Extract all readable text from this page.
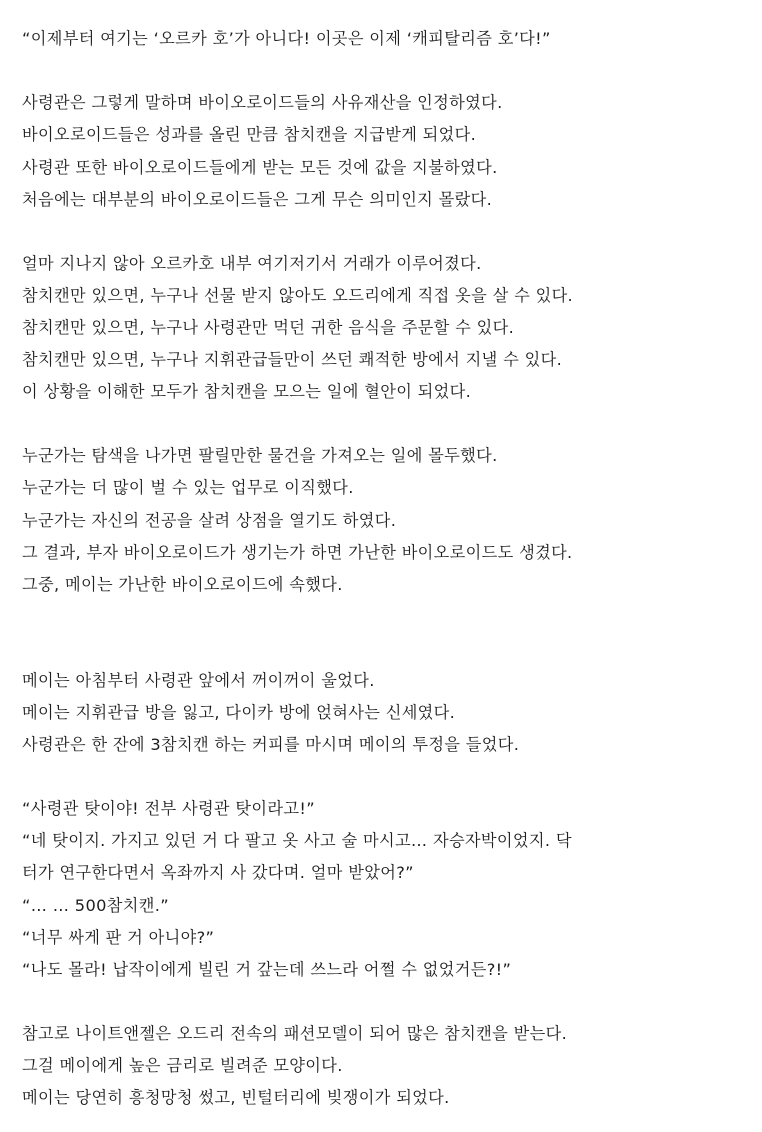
“이제부터 여기는 ‘오르카 호’가 아니다! 이곳은 이제 ‘캐피탈리즘 호’다!”
사령관은 그렇게 말하며 바이오로이드들의 사유재산을 인정하였다.
바이오로이드들은 성과를 올린 만큼 참치캔을 지급받게 되었다.
사령관 또한 바이오로이드들에게 받는 모든 것에 값을 지불하였다.
처음에는 대부분의 바이오로이드들은 그게 무슨 의미인지 몰랐다.
얼마 지나지 않아 오르카호 내부 여기저기서 거래가 이루어졌다.
참치캔만 있으면, 누구나 선물 받지 않아도 오드리에게 직접 옷을 살 수 있다.
참치캔만 있으면, 누구나 사령관만 먹던 귀한 음식을 주문할 수 있다.
참치캔만 있으면, 누구나 지휘관급들만이 쓰던 쾌적한 방에서 지낼 수 있다.
이 상황을 이해한 모두가 참치캔을 모으는 일에 혈안이 되었다.
누군가는 탐색을 나가면 팔릴만한 물건을 가져오는 일에 몰두했다.
누군가는 더 많이 벌 수 있는 업무로 이직했다.
누군가는 자신의 전공을 살려 상점을 열기도 하였다.
그 결과, 부자 바이오로이드가 생기는가 하면 가난한 바이오로이드도 생겼다.
그중, 메이는 가난한 바이오로이드에 속했다.
메이는 아침부터 사령관 앞에서 꺼이꺼이 울었다.
메이는 지휘관급 방을 잃고, 다이카 방에 얹혀사는 신세였다.
사령관은 한 잔에 3참치캔 하는 커피를 마시며 메이의 투정을 들었다.
“사령관 탓이야! 전부 사령관 탓이라고!”
“네 탓이지. 가지고 있던 거 다 팔고 옷 사고 술 마시고… 자승자박이었지. 닥
터가 연구한다면서 옥좌까지 사 갔다며. 얼마 받았어?”
“… … 500참치캔.”
“너무 싸게 판 거 아니야?”
“나도 몰라! 납작이에게 빌린 거 갚는데 쓰느라 어쩔 수 없었거든?!”
참고로 나이트앤젤은 오드리 전속의 패션모델이 되어 많은 참치캔을 받는다.
그걸 메이에게 높은 금리로 빌려준 모양이다.
메이는 당연히 흥청망청 썼고, 빈털터리에 빚쟁이가 되었다.
